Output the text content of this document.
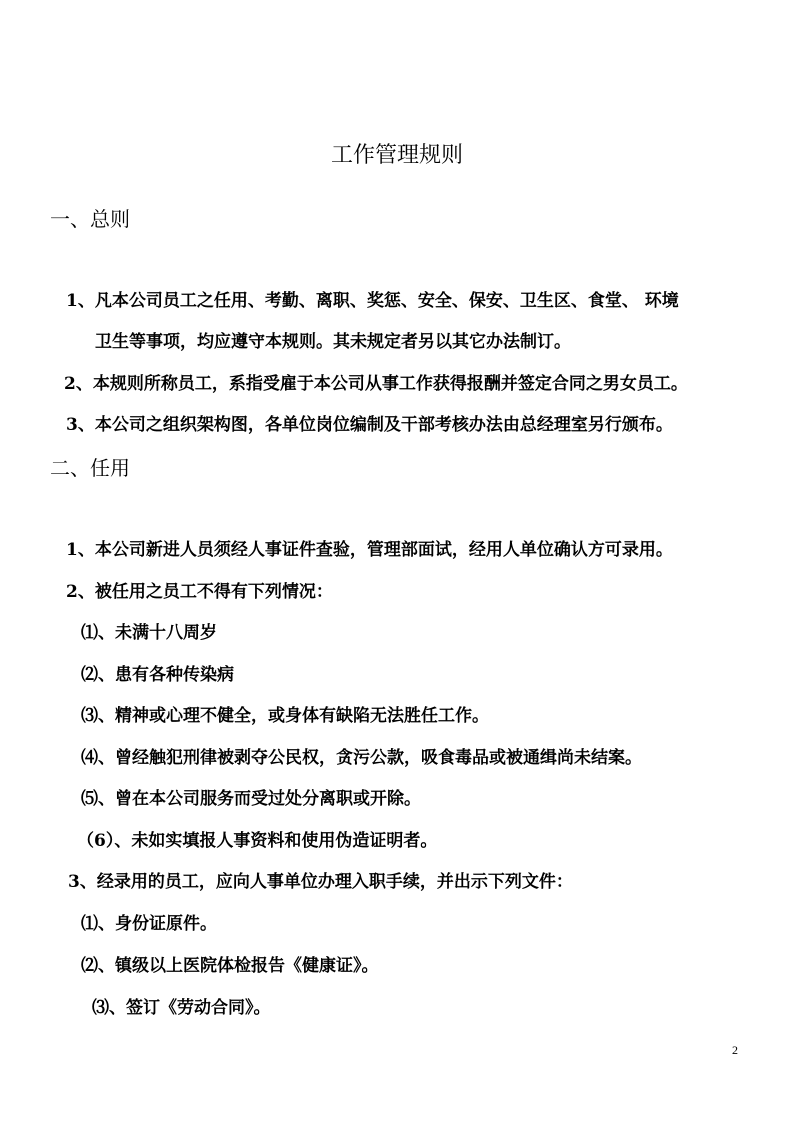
工作管理规则
一、总则
1、凡本公司员工之任用、考勤、离职、奖惩、安全、保安、卫生区、食堂、 环境
卫生等事项，均应遵守本规则。其未规定者另以其它办法制订。
2、本规则所称员工，系指受雇于本公司从事工作获得报酬并签定合同之男女员工。
3、本公司之组织架构图，各单位岗位编制及干部考核办法由总经理室另行颁布。
二、任用
1、本公司新进人员须经人事证件查验，管理部面试，经用人单位确认方可录用。
2、被任用之员工不得有下列情况：
⑴、未满十八周岁
⑵、患有各种传染病
⑶、精神或心理不健全，或身体有缺陷无法胜任工作。
⑷、曾经触犯刑律被剥夺公民权，贪污公款，吸食毒品或被通缉尚未结案。
⑸、曾在本公司服务而受过处分离职或开除。
（6）、未如实填报人事资料和使用伪造证明者。
3、经录用的员工，应向人事单位办理入职手续，并出示下列文件：
⑴、身份证原件。
⑵、镇级以上医院体检报告《健康证》。
⑶、签订《劳动合同》。
2
